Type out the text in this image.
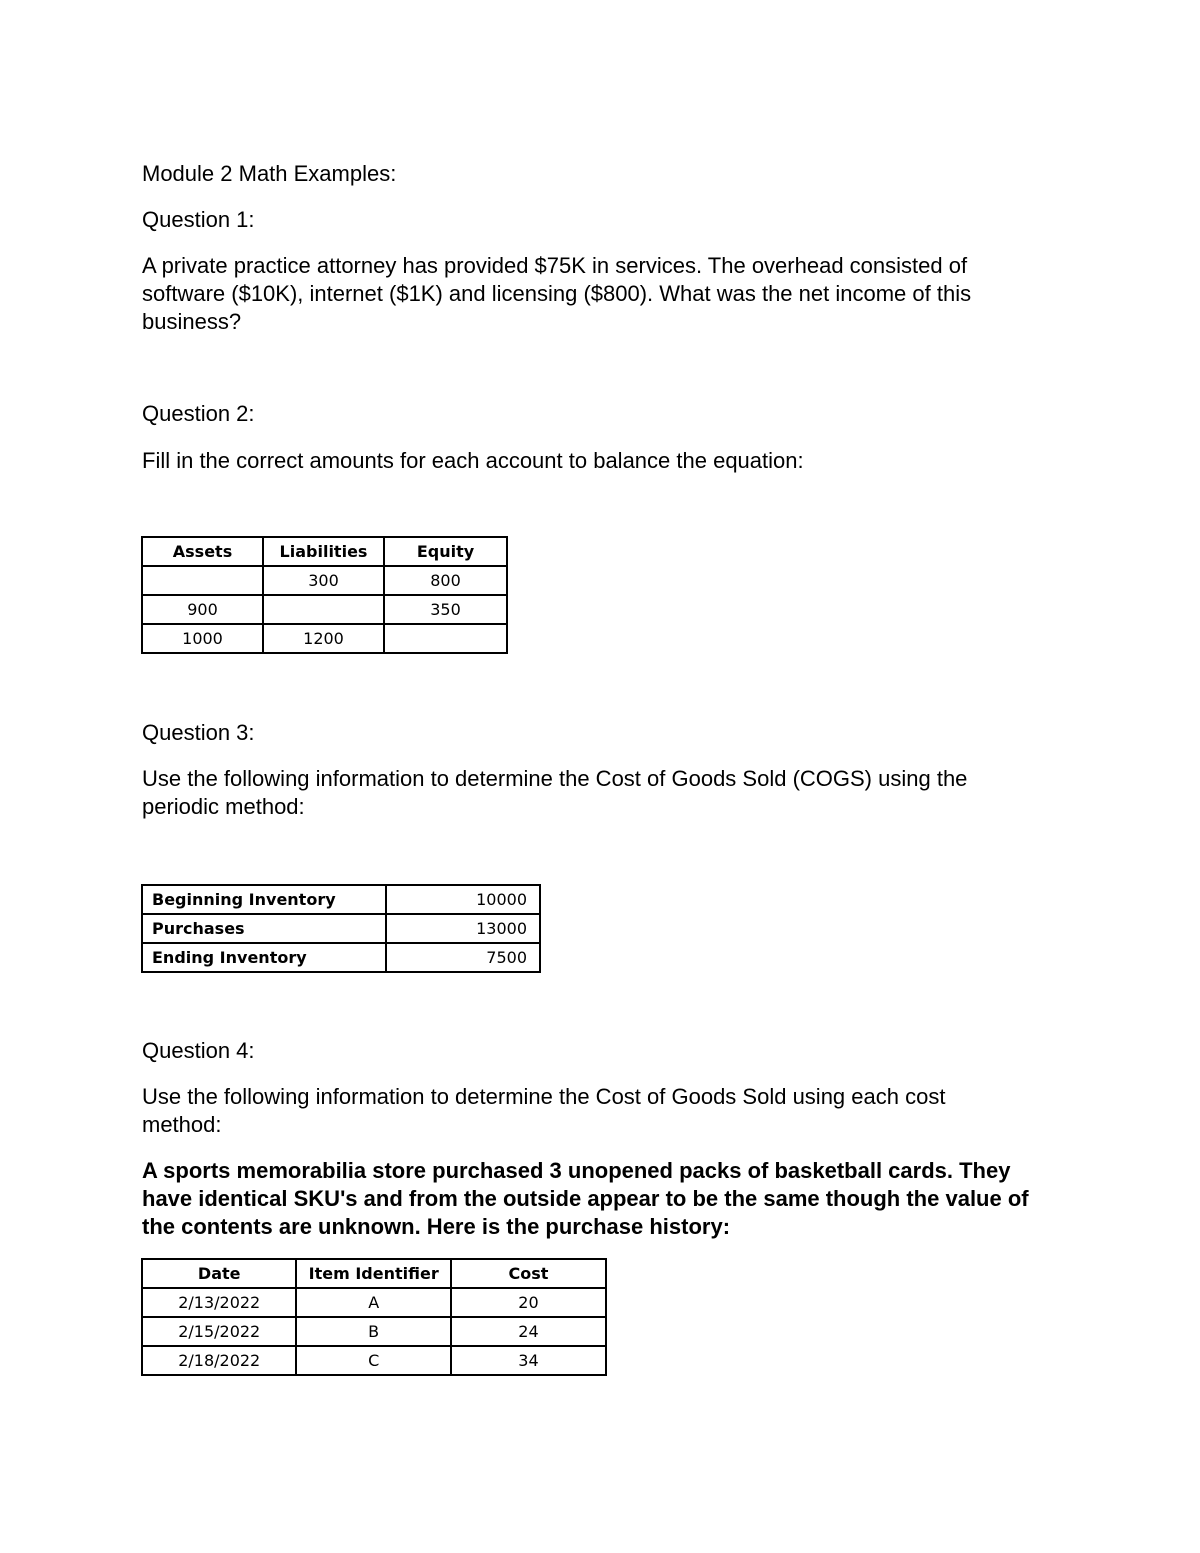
Module 2 Math Examples:
Question 1:
A private practice attorney has provided $75K in services. The overhead consisted of
software ($10K), internet ($1K) and licensing ($800). What was the net income of this
business?
Question 2:
Fill in the correct amounts for each account to balance the equation:
Assets	Liabilities	Equity
	300	800
900		350
1000	1200	
Question 3:
Use the following information to determine the Cost of Goods Sold (COGS) using the
periodic method:
Beginning Inventory	10000
Purchases	13000
Ending Inventory	7500
Question 4:
Use the following information to determine the Cost of Goods Sold using each cost
method:
A sports memorabilia store purchased 3 unopened packs of basketball cards. They
have identical SKU's and from the outside appear to be the same though the value of
the contents are unknown. Here is the purchase history:
Date	Item Identifier	Cost
2/13/2022	A	20
2/15/2022	B	24
2/18/2022	C	34
